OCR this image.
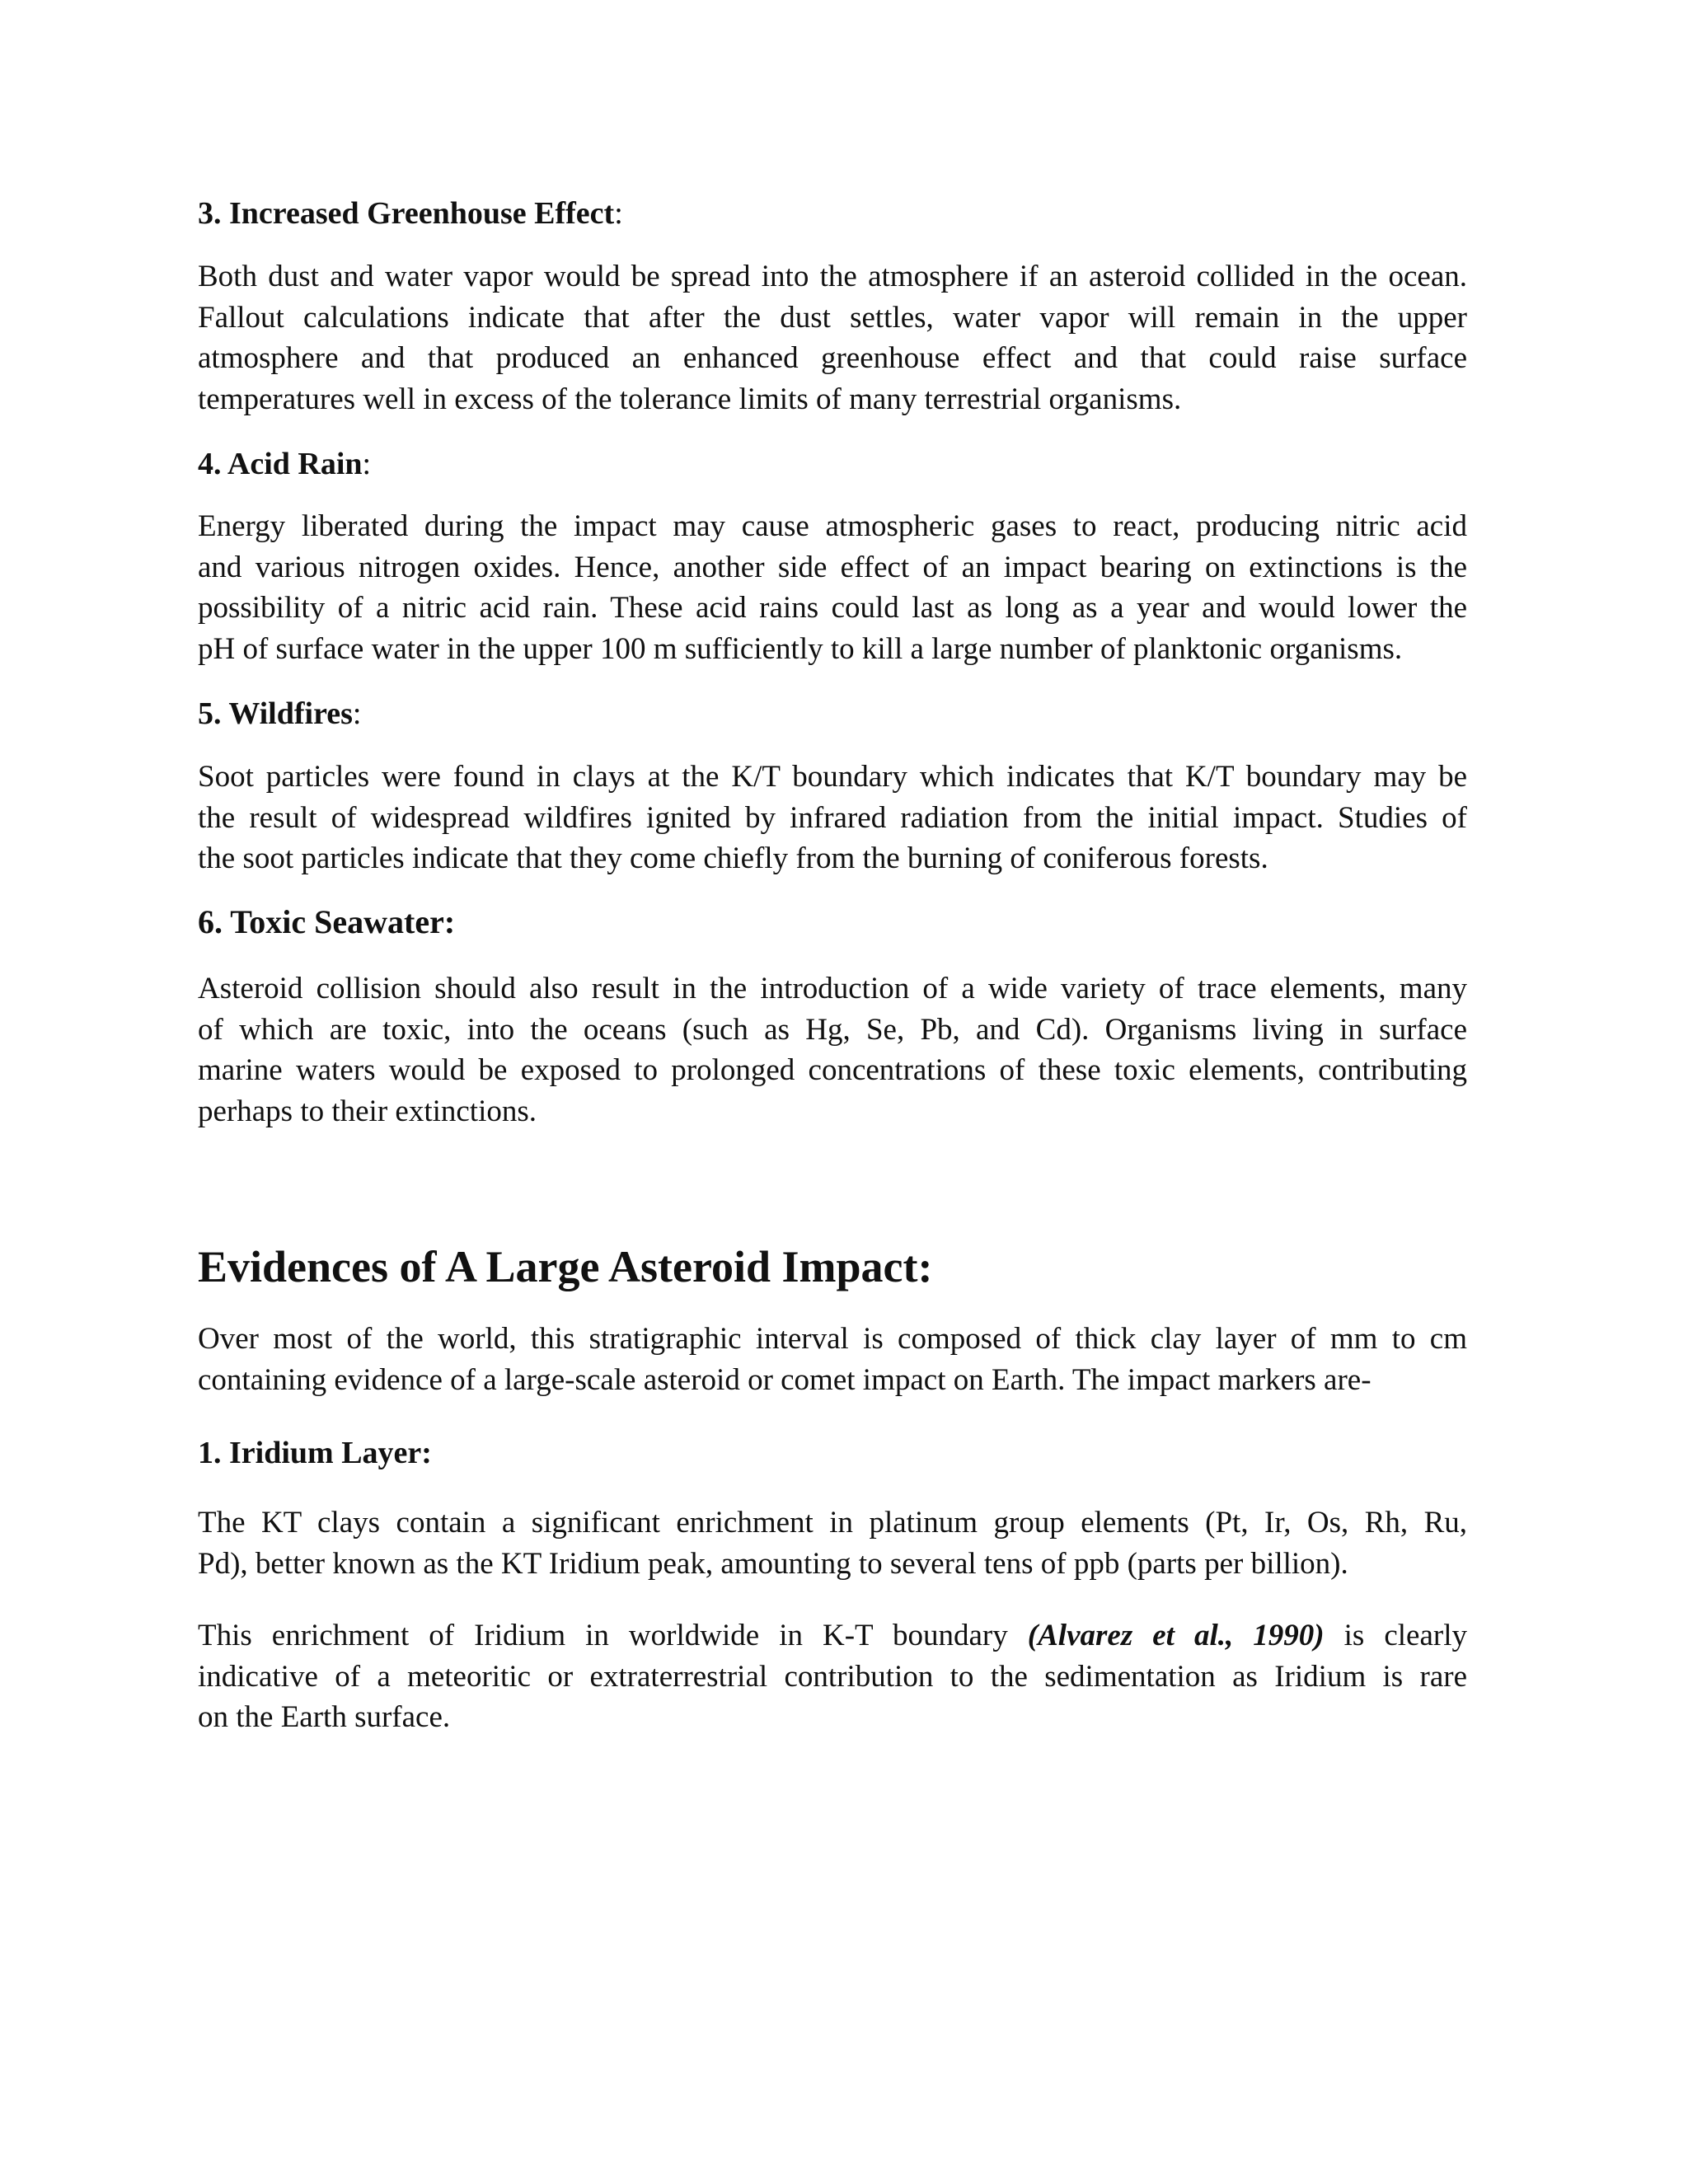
3. Increased Greenhouse Effect:

Both dust and water vapor would be spread into the atmosphere if an asteroid collided in the ocean.
Fallout calculations indicate that after the dust settles, water vapor will remain in the upper
atmosphere and that produced an enhanced greenhouse effect and that could raise surface
temperatures well in excess of the tolerance limits of many terrestrial organisms.

4. Acid Rain:

Energy liberated during the impact may cause atmospheric gases to react, producing nitric acid
and various nitrogen oxides. Hence, another side effect of an impact bearing on extinctions is the
possibility of a nitric acid rain. These acid rains could last as long as a year and would lower the
pH of surface water in the upper 100 m sufficiently to kill a large number of planktonic organisms.

5. Wildfires:

Soot particles were found in clays at the K/T boundary which indicates that K/T boundary may be
the result of widespread wildfires ignited by infrared radiation from the initial impact. Studies of
the soot particles indicate that they come chiefly from the burning of coniferous forests.

6. Toxic Seawater:

Asteroid collision should also result in the introduction of a wide variety of trace elements, many
of which are toxic, into the oceans (such as Hg, Se, Pb, and Cd). Organisms living in surface
marine waters would be exposed to prolonged concentrations of these toxic elements, contributing
perhaps to their extinctions.

Evidences of A Large Asteroid Impact:

Over most of the world, this stratigraphic interval is composed of thick clay layer of mm to cm
containing evidence of a large-scale asteroid or comet impact on Earth. The impact markers are-

1. Iridium Layer:

The KT clays contain a significant enrichment in platinum group elements (Pt, Ir, Os, Rh, Ru,
Pd), better known as the KT Iridium peak, amounting to several tens of ppb (parts per billion).

This enrichment of Iridium in worldwide in K-T boundary (Alvarez et al., 1990) is clearly
indicative of a meteoritic or extraterrestrial contribution to the sedimentation as Iridium is rare
on the Earth surface.
